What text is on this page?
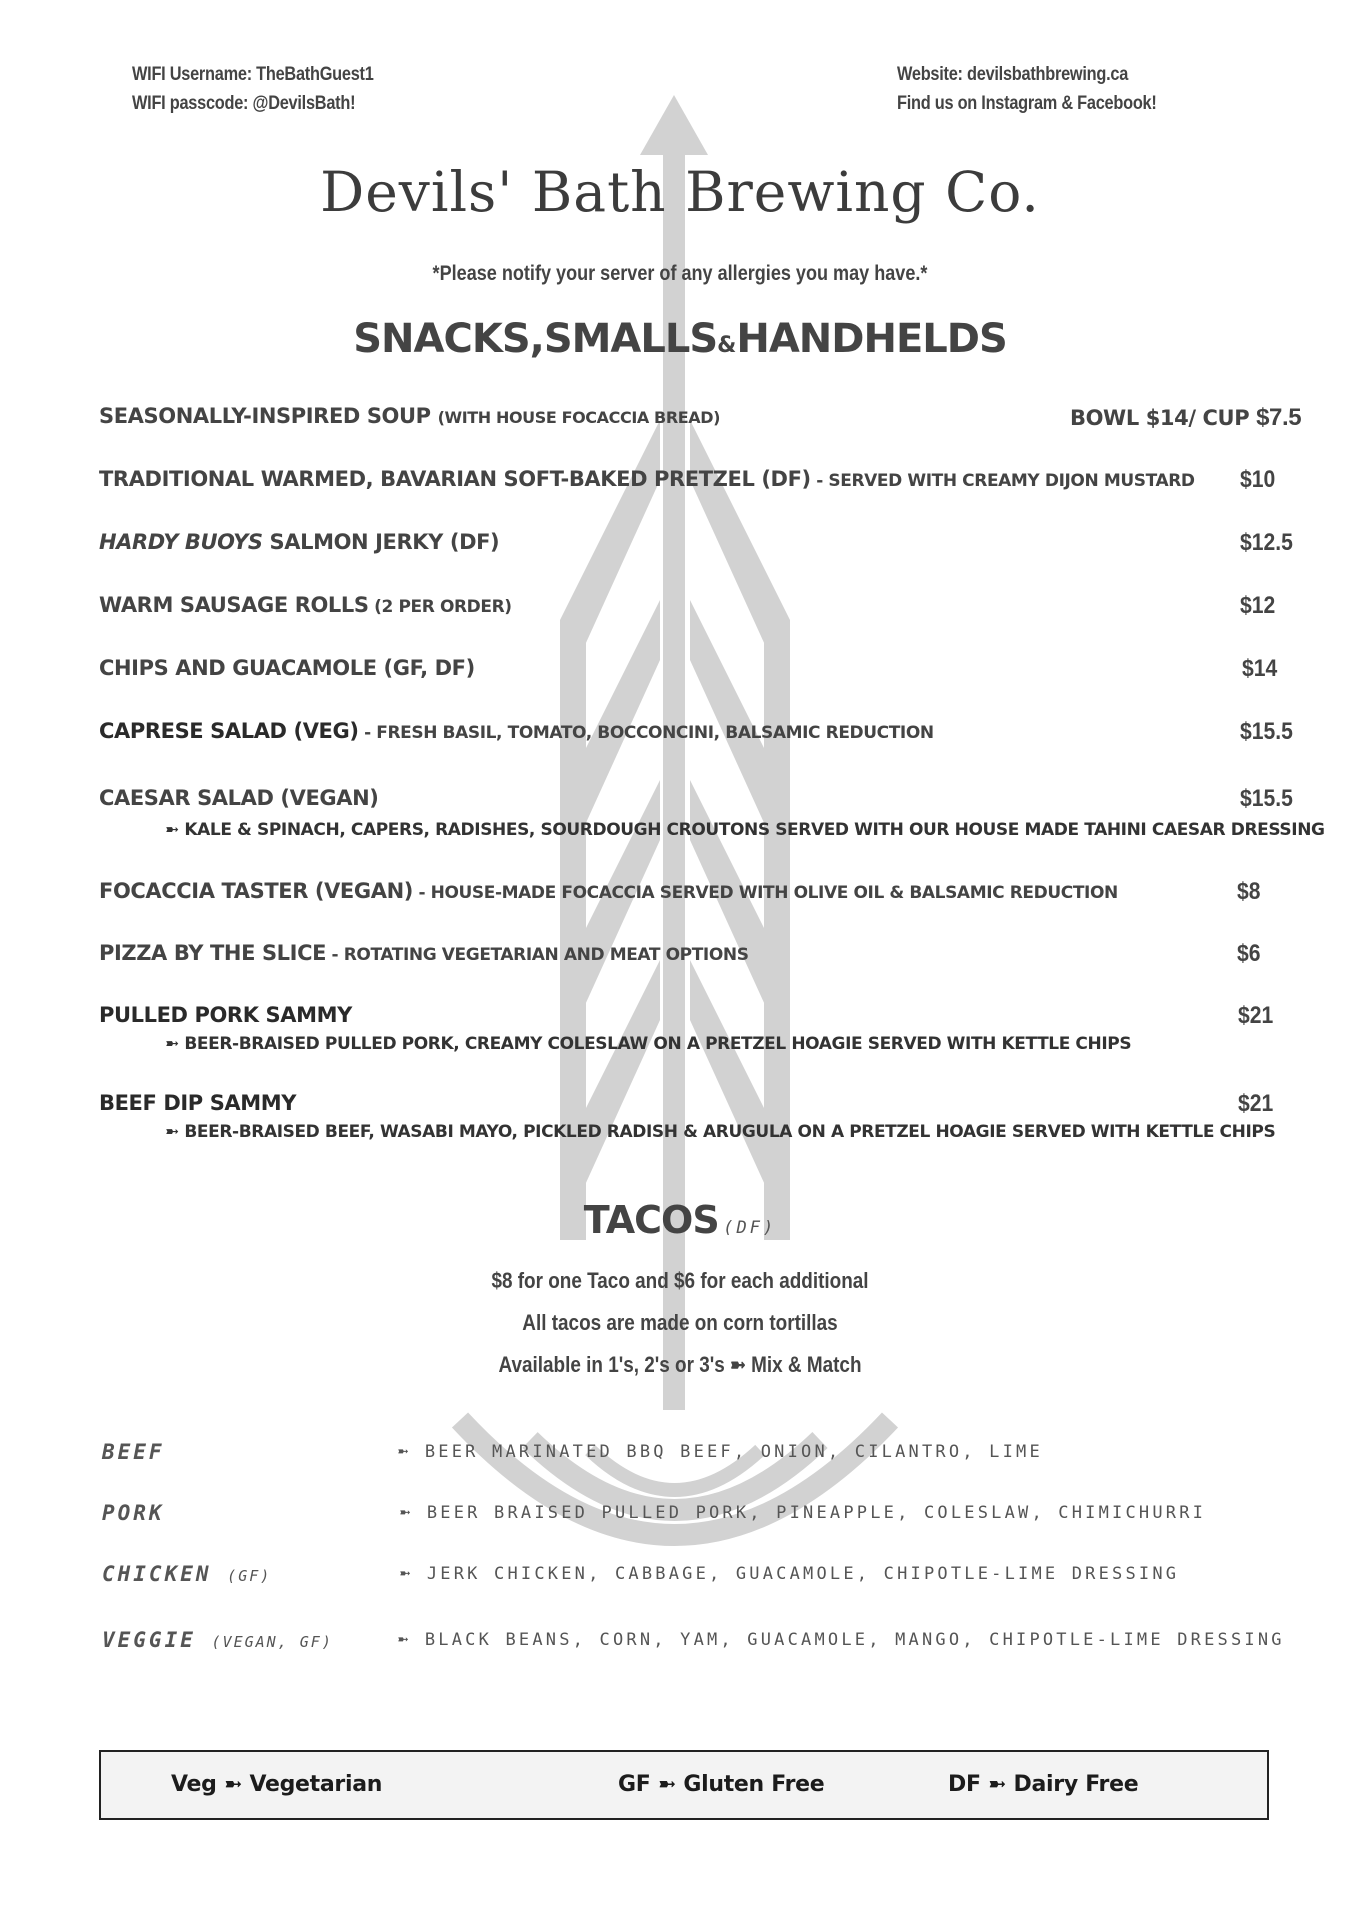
WIFI Username: TheBathGuest1
WIFI passcode: @DevilsBath!
Website: devilsbathbrewing.ca
Find us on Instagram & Facebook!
Devils' Bath Brewing Co.
*Please notify your server of any allergies you may have.*
SNACKS,SMALLS&HANDHELDS
SEASONALLY-INSPIRED SOUP (WITH HOUSE FOCACCIA BREAD)	BOWL $14/ CUP $7.5
TRADITIONAL WARMED, BAVARIAN SOFT-BAKED PRETZEL (DF) - SERVED WITH CREAMY DIJON MUSTARD $10
HARDY BUOYS SALMON JERKY (DF)	$12.5
WARM SAUSAGE ROLLS (2 PER ORDER)	$12
CHIPS AND GUACAMOLE (GF, DF)	$14
CAPRESE SALAD (VEG) - FRESH BASIL, TOMATO, BOCCONCINI, BALSAMIC REDUCTION	$15.5
CAESAR SALAD (VEGAN)	$15.5
➼ KALE & SPINACH, CAPERS, RADISHES, SOURDOUGH CROUTONS SERVED WITH OUR HOUSE MADE TAHINI CAESAR DRESSING
FOCACCIA TASTER (VEGAN) - HOUSE-MADE FOCACCIA SERVED WITH OLIVE OIL & BALSAMIC REDUCTION	$8
PIZZA BY THE SLICE - ROTATING VEGETARIAN AND MEAT OPTIONS	$6
PULLED PORK SAMMY	$21
➼ BEER-BRAISED PULLED PORK, CREAMY COLESLAW ON A PRETZEL HOAGIE SERVED WITH KETTLE CHIPS
BEEF DIP SAMMY	$21
➼ BEER-BRAISED BEEF, WASABI MAYO, PICKLED RADISH & ARUGULA ON A PRETZEL HOAGIE SERVED WITH KETTLE CHIPS
TACOS (DF)
$8 for one Taco and $6 for each additional
All tacos are made on corn tortillas
Available in 1's, 2's or 3's ➼ Mix & Match
BEEF	➼ BEER MARINATED BBQ BEEF, ONION, CILANTRO, LIME
PORK	➼ BEER BRAISED PULLED PORK, PINEAPPLE, COLESLAW, CHIMICHURRI
CHICKEN (GF)	➼ JERK CHICKEN, CABBAGE, GUACAMOLE, CHIPOTLE-LIME DRESSING
VEGGIE (VEGAN, GF)	➼ BLACK BEANS, CORN, YAM, GUACAMOLE, MANGO, CHIPOTLE-LIME DRESSING
Veg ➼ Vegetarian	GF ➼ Gluten Free	DF ➼ Dairy Free
